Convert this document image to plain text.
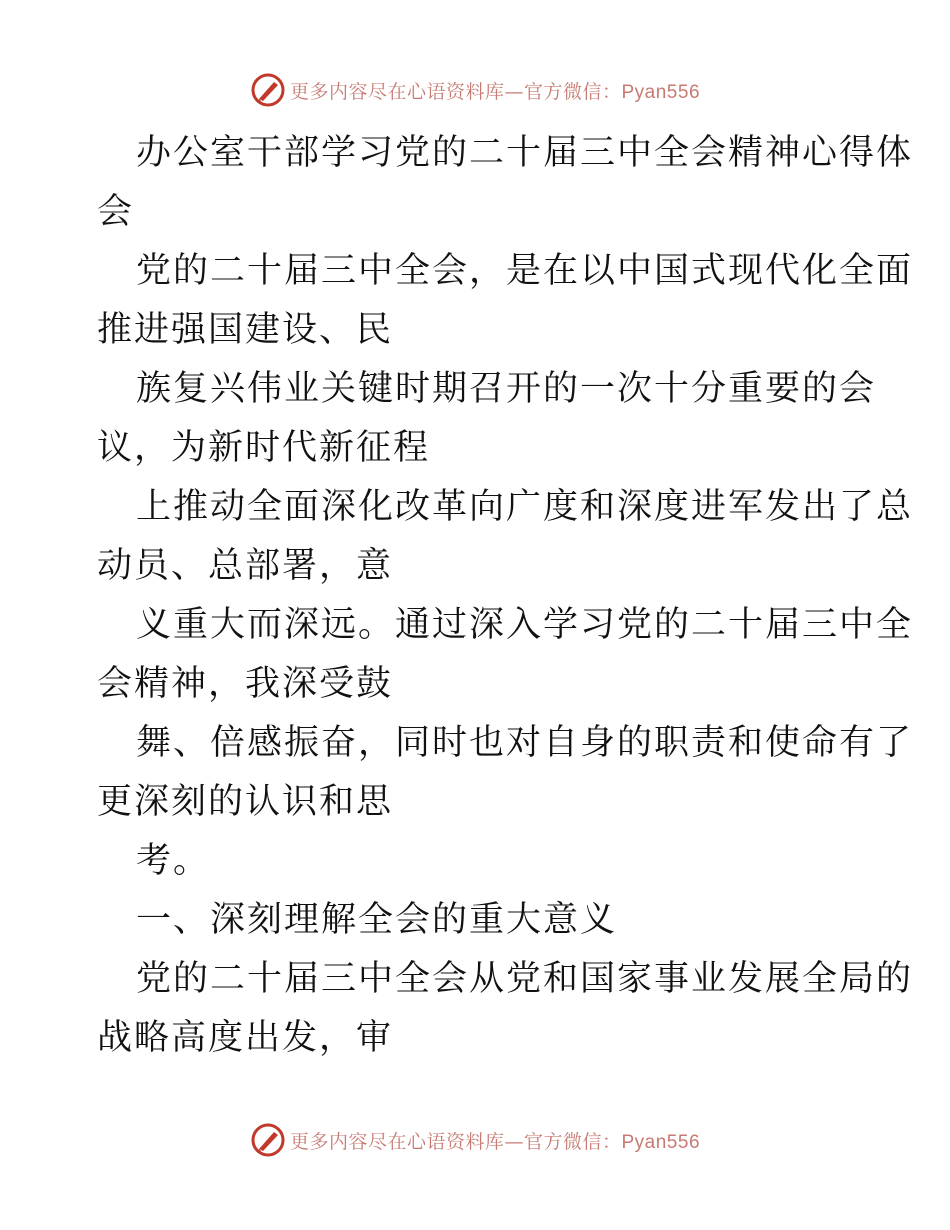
更多内容尽在心语资料库—官方微信：Pyan556
办公室干部学习党的二十届三中全会精神心得体
会
党的二十届三中全会，是在以中国式现代化全面
推进强国建设、民
族复兴伟业关键时期召开的一次十分重要的会
议，为新时代新征程
上推动全面深化改革向广度和深度进军发出了总
动员、总部署，意
义重大而深远。通过深入学习党的二十届三中全
会精神，我深受鼓
舞、倍感振奋，同时也对自身的职责和使命有了
更深刻的认识和思
考。
一、深刻理解全会的重大意义
党的二十届三中全会从党和国家事业发展全局的
战略高度出发，审
更多内容尽在心语资料库—官方微信：Pyan556
